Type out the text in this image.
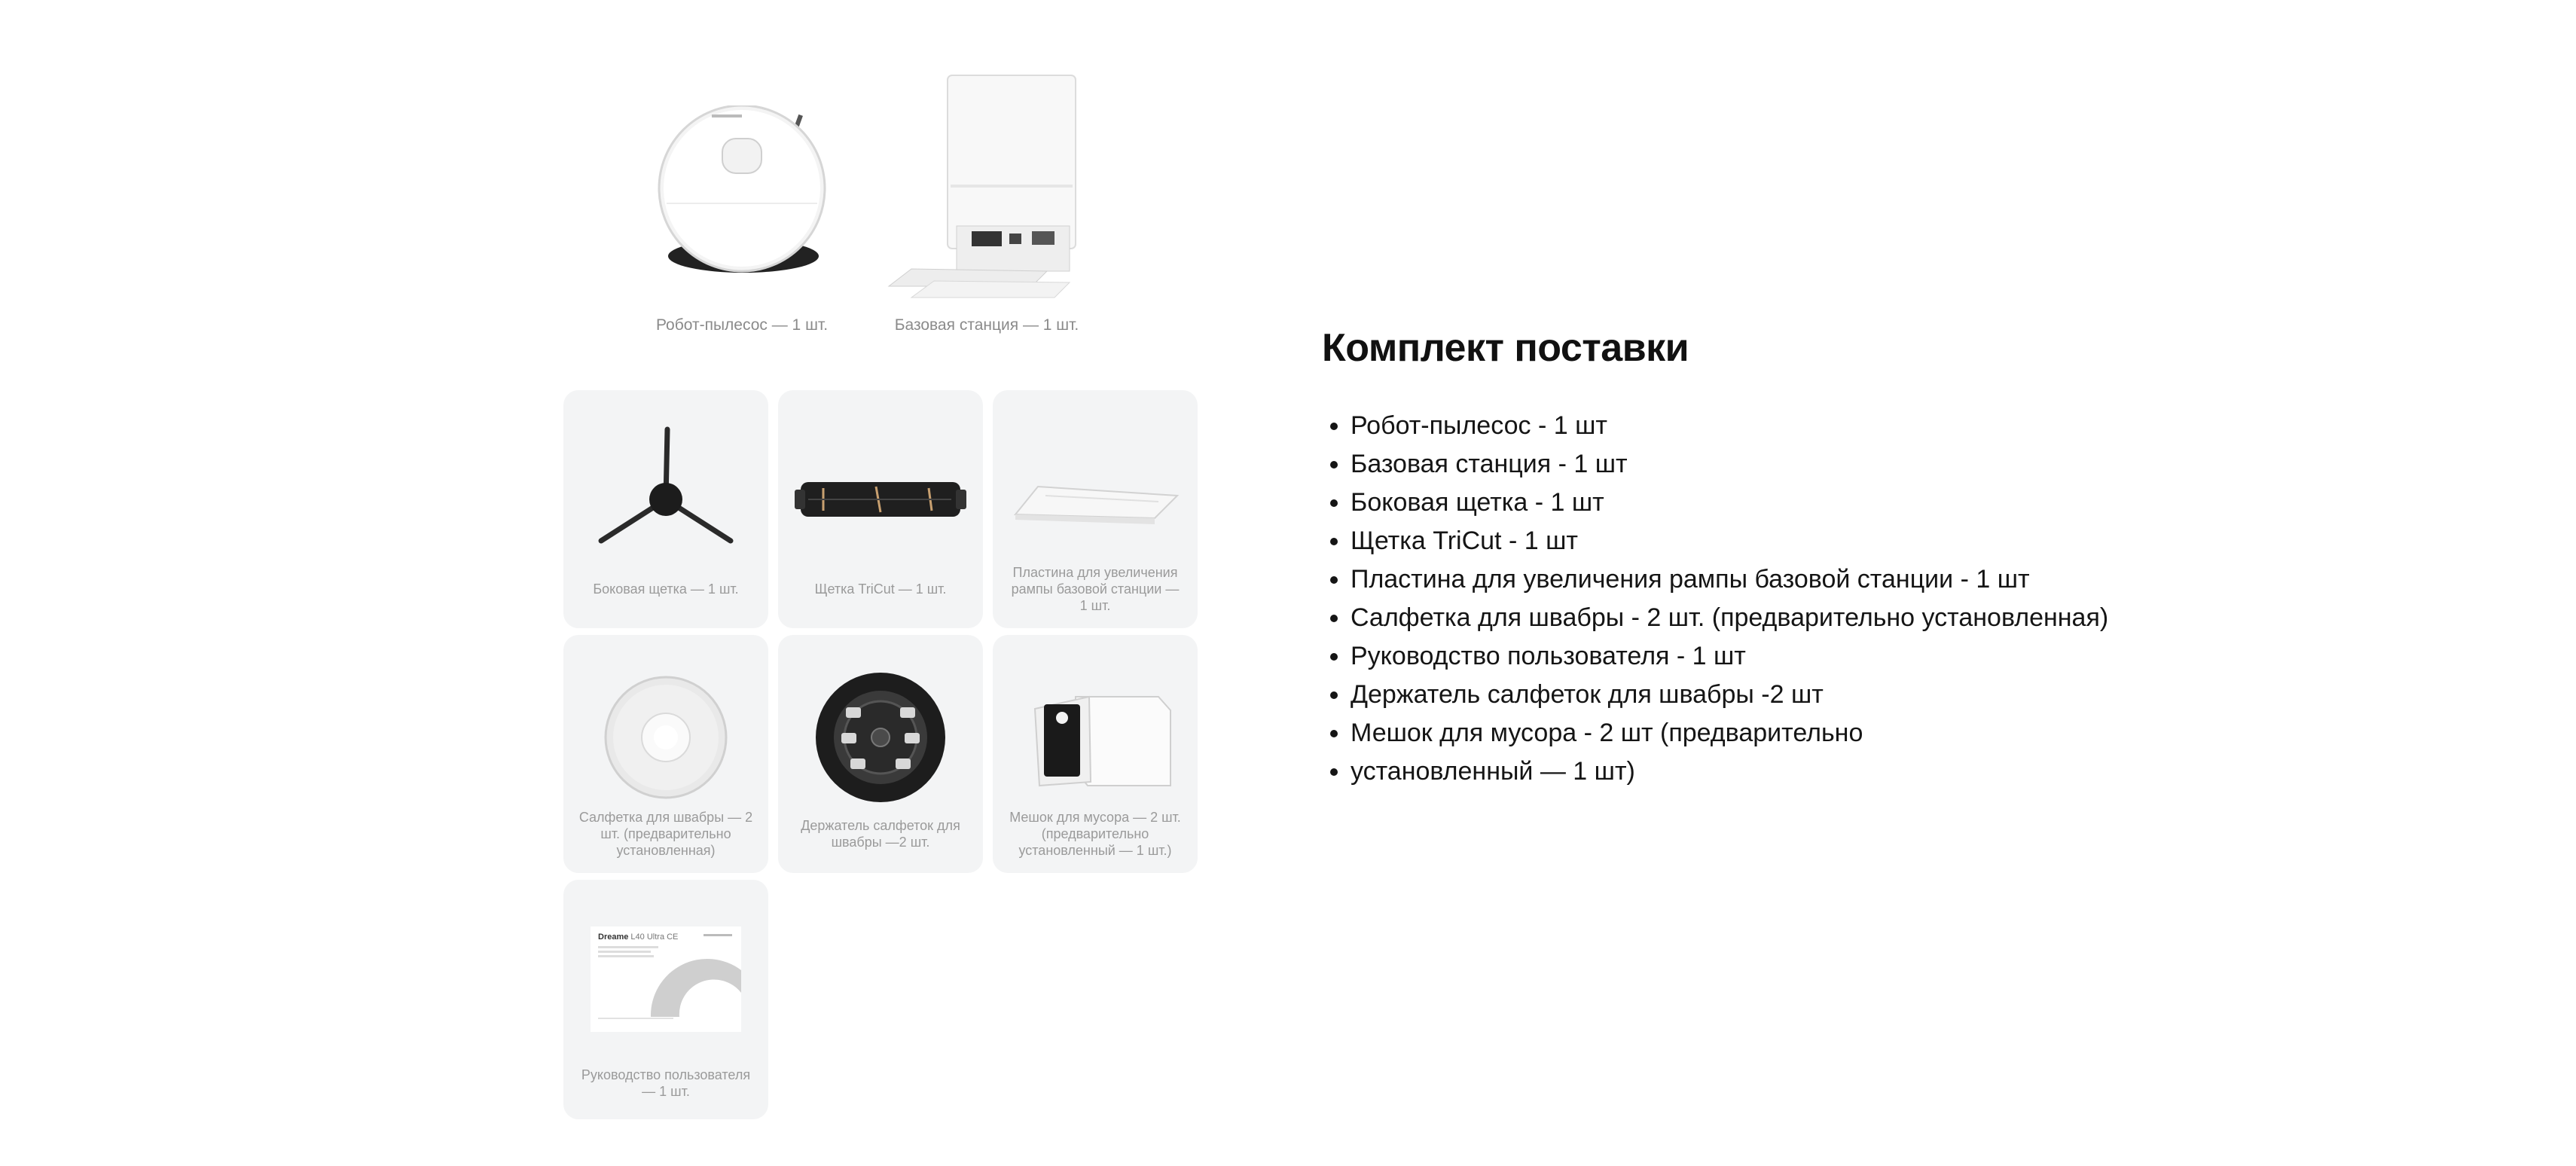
Робот-пылесос — 1 шт.	Базовая станция — 1 шт.
Боковая щетка — 1 шт.	Щетка TriCut — 1 шт.
Пластина для увеличения рампы базовой станции — 1 шт.
Салфетка для швабры — 2 шт. (предварительно установленная)
Держатель салфеток для швабры —2 шт.
Мешок для мусора — 2 шт. (предварительно установленный — 1 шт.)
Dreame L40 Ultra CE
Руководство пользователя — 1 шт.
Комплект поставки
• Робот-пылесос - 1 шт
• Базовая станция - 1 шт
• Боковая щетка - 1 шт
• Щетка TriCut - 1 шт
• Пластина для увеличения рампы базовой станции - 1 шт
• Салфетка для швабры - 2 шт. (предварительно установленная)
• Руководство пользователя - 1 шт
• Держатель салфеток для швабры -2 шт
• Мешок для мусора - 2 шт (предварительно
• установленный — 1 шт)
